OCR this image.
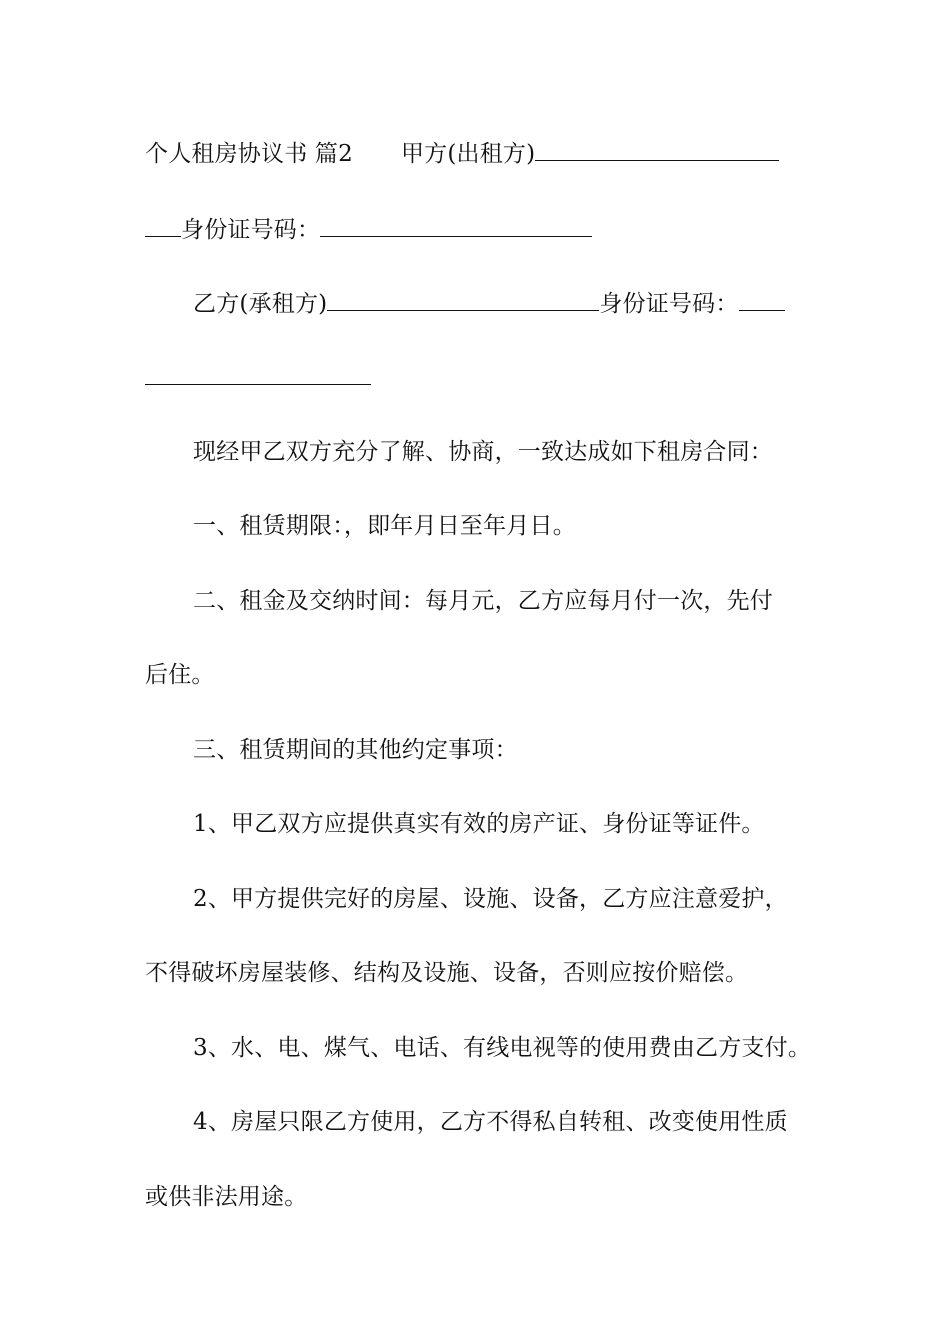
个人租房协议书 篇2 甲方(出租方)
身份证号码：
乙方(承租方)	身份证号码：
现经甲乙双方充分了解、协商，一致达成如下租房合同：
一、租赁期限：，即年月日至年月日。
二、租金及交纳时间：每月元，乙方应每月付一次，先付
后住。
三、租赁期间的其他约定事项：
1、甲乙双方应提供真实有效的房产证、身份证等证件。
2、甲方提供完好的房屋、设施、设备，乙方应注意爱护，
不得破坏房屋装修、结构及设施、设备，否则应按价赔偿。
3、水、电、煤气、电话、有线电视等的使用费由乙方支付。
4、房屋只限乙方使用，乙方不得私自转租、改变使用性质
或供非法用途。
